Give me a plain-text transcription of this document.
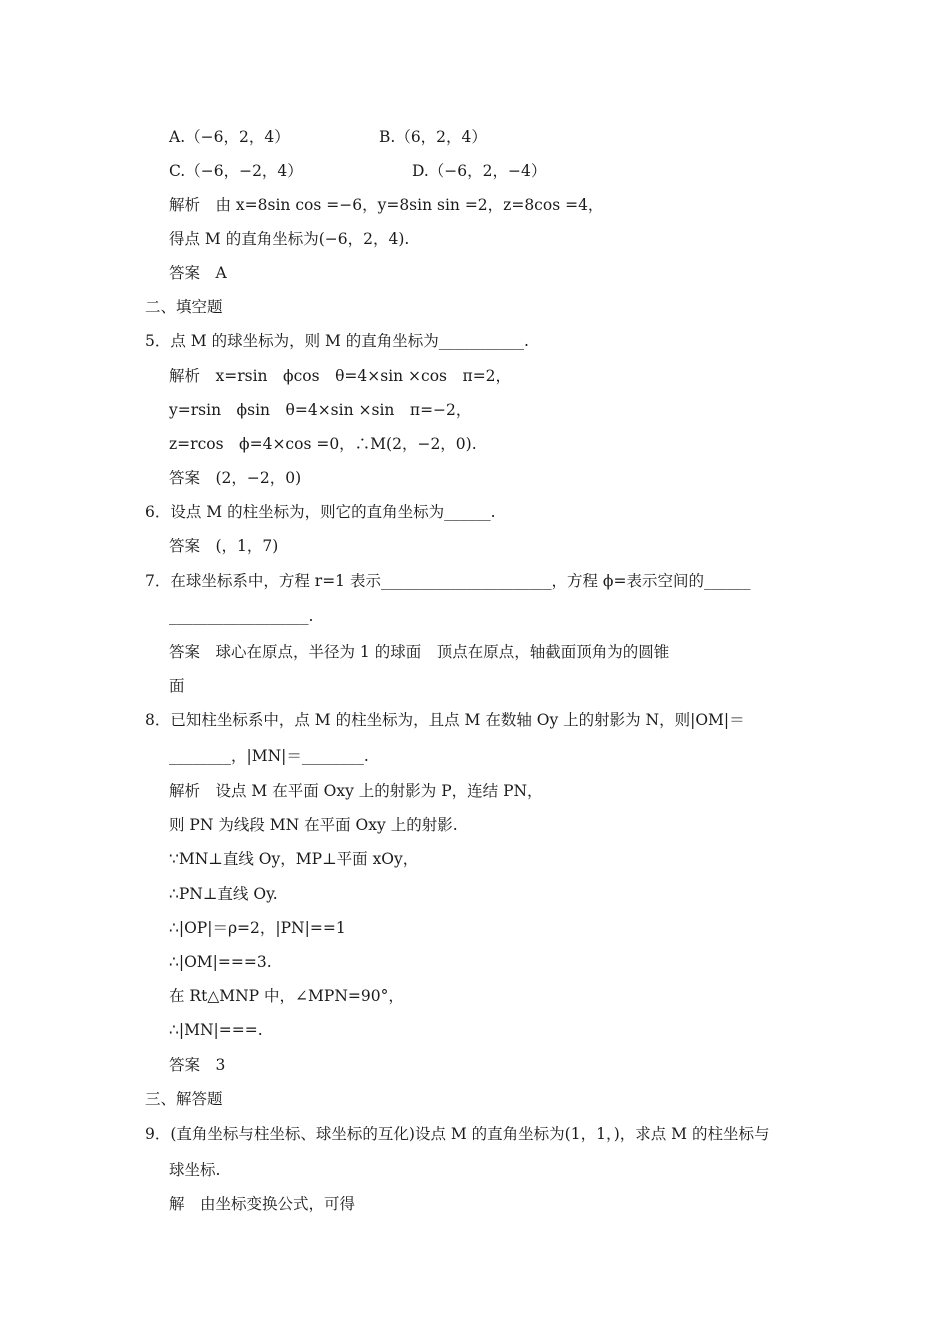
A.（−6，2，4）	B.（6，2，4）
C.（−6，−2，4）	D.（−6，2，−4）
解析　由 x=8sin cos =−6，y=8sin sin =2，z=8cos =4，
得点 M 的直角坐标为(−6，2，4).
答案　A
二、填空题
5．点 M 的球坐标为，则 M 的直角坐标为___________.
解析　x=rsin　ϕcos　θ=4×sin ×cos　π=2，
y=rsin　ϕsin　θ=4×sin ×sin　π=−2，
z=rcos　ϕ=4×cos =0，∴M(2，−2，0).
答案　(2，−2，0)
6．设点 M 的柱坐标为，则它的直角坐标为______.
答案　(，1，7)
7．在球坐标系中，方程 r=1 表示______________________，方程 ϕ=表示空间的______
__________________.
答案　球心在原点，半径为 1 的球面　顶点在原点，轴截面顶角为的圆锥
面
8．已知柱坐标系中，点 M 的柱坐标为，且点 M 在数轴 Oy 上的射影为 N，则|OM|＝
________，|MN|＝________.
解析　设点 M 在平面 Oxy 上的射影为 P，连结 PN，
则 PN 为线段 MN 在平面 Oxy 上的射影.
∵MN⊥直线 Oy，MP⊥平面 xOy，
∴PN⊥直线 Oy.
∴|OP|＝ρ=2，|PN|==1
∴|OM|===3.
在 Rt△MNP 中，∠MPN=90°，
∴|MN|===.
答案　3
三、解答题
9．(直角坐标与柱坐标、球坐标的互化)设点 M 的直角坐标为(1，1，)，求点 M 的柱坐标与
球坐标.
解　由坐标变换公式，可得
